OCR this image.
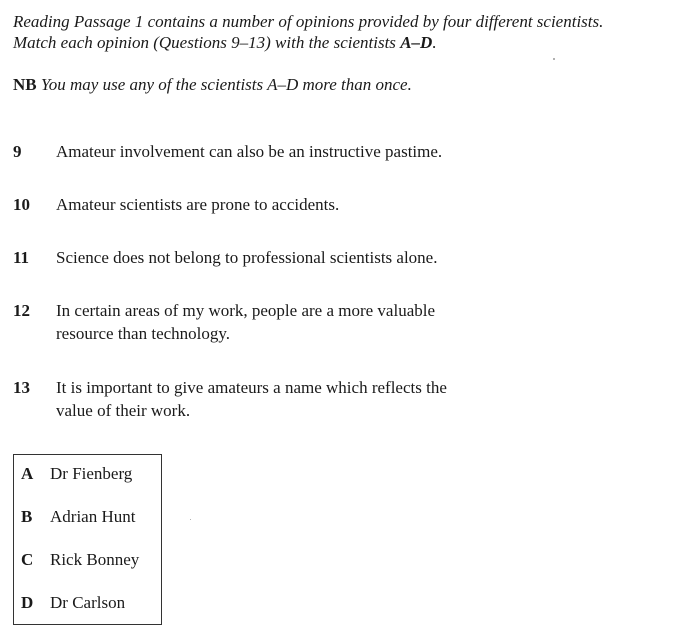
Reading Passage 1 contains a number of opinions provided by four different scientists.
Match each opinion (Questions 9–13) with the scientists A–D.
NB You may use any of the scientists A–D more than once.
9	Amateur involvement can also be an instructive pastime.
10	Amateur scientists are prone to accidents.
11	Science does not belong to professional scientists alone.
12	In certain areas of my work, people are a more valuable resource than technology.
13	It is important to give amateurs a name which reflects the value of their work.
A Dr Fienberg
B Adrian Hunt
C Rick Bonney
D Dr Carlson
